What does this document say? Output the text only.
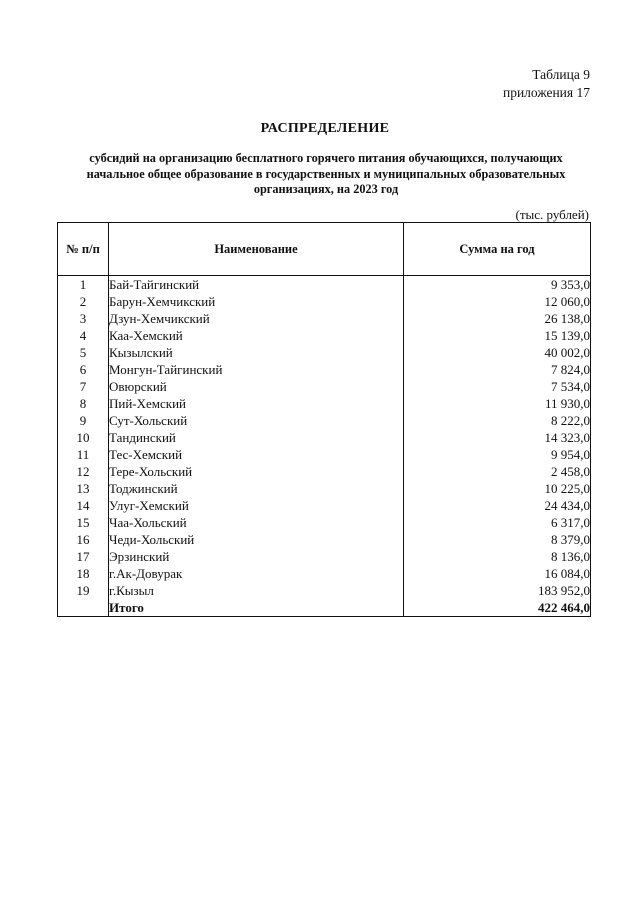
Таблица 9
приложения 17
РАСПРЕДЕЛЕНИЕ
субсидий на организацию бесплатного горячего питания обучающихся, получающих
начальное общее образование в государственных и муниципальных образовательных
организациях, на 2023 год
(тыс. рублей)
№ п/п	Наименование	Сумма на год
1	Бай-Тайгинский	9 353,0
2	Барун-Хемчикский	12 060,0
3	Дзун-Хемчикский	26 138,0
4	Каа-Хемский	15 139,0
5	Кызылский	40 002,0
6	Монгун-Тайгинский	7 824,0
7	Овюрский	7 534,0
8	Пий-Хемский	11 930,0
9	Сут-Хольский	8 222,0
10	Тандинский	14 323,0
11	Тес-Хемский	9 954,0
12	Тере-Хольский	2 458,0
13	Тоджинский	10 225,0
14	Улуг-Хемский	24 434,0
15	Чаа-Хольский	6 317,0
16	Чеди-Хольский	8 379,0
17	Эрзинский	8 136,0
18	г.Ак-Довурак	16 084,0
19	г.Кызыл	183 952,0
	Итого	422 464,0
